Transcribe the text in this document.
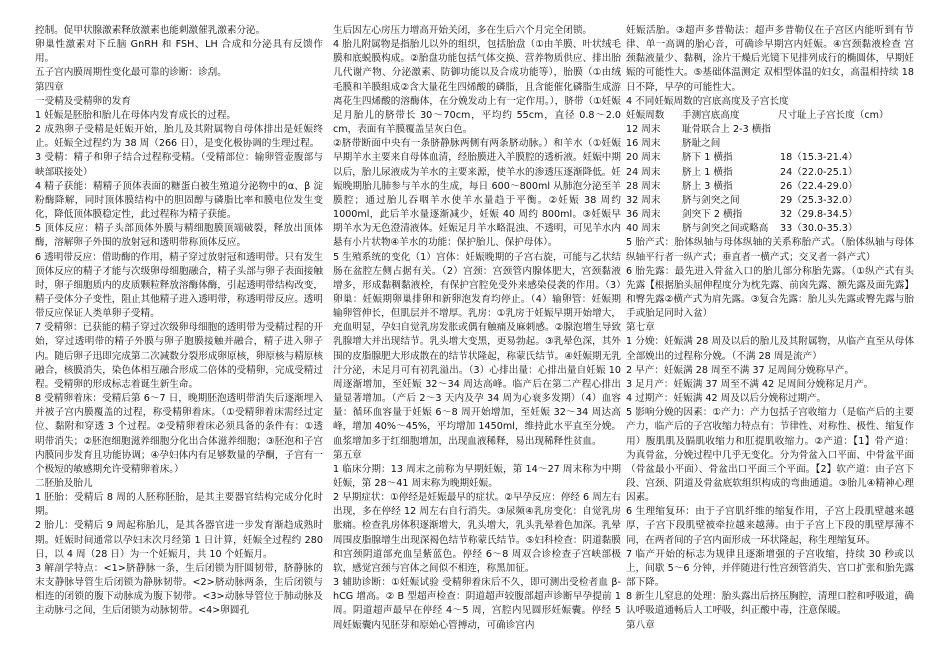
控制。促甲状腺激素释放激素也能刺激催乳激素分泌。

卵巢性激素对下丘脑 GnRH 和 FSH、LH 合成和分泌具有反馈作用。

五子宫内膜周期性变化最可靠的诊断：诊刮。

第四章

一受精及受精卵的发育

1 妊娠是胚胎和胎儿在母体内发育成长的过程。

2 成熟卵子受精是妊娠开始，胎儿及其附属物自母体排出是妊娠终止。妊娠全过程约为 38 周（266 日），是变化极协调的生理过程。

3 受精：精子和卵子结合过程称受精。（受精部位：输卵管壶腹部与峡部联接处）

4 精子获能：精精子顶体表面的糖蛋白被生殖道分泌物中的α、β 淀粉酶降解，同时顶体膜结构中的胆固醇与磷脂比率和膜电位发生变化，降低顶体膜稳定性，此过程称为精子获能。

5 顶体反应：精子头部顶体外膜与精细胞膜顶端破裂，释放出顶体酶，溶解卵子外围的放射冠和透明带称顶体反应。

6 透明带反应：借助酶的作用，精子穿过放射冠和透明带。只有发生顶体反应的精子才能与次级卵母细胞融合，精子头部与卵子表面接触时，卵子细胞质内的皮质颗粒释放溶酶体酶，引起透明带结构改变，精子受体分子变性，阻止其他精子进入透明带，称透明带反应。透明带反应保证人类单卵子受精。

7 受精卵：已获能的精子穿过次级卵母细胞的透明带为受精过程的开始，穿过透明带的精子外膜与卵子胞膜接触并融合，精子进入卵子内。随后卵子迅即完成第二次减数分裂形成卵原核，卵原核与精原核融合，核膜消失，染色体相互融合形成二倍体的受精卵，完成受精过程。受精卵的形成标志着诞生新生命。

8 受精卵着床：受精后第 6～7 日，晚期胚泡透明带消失后逐渐埋入并被子宫内膜覆盖的过程，称受精卵着床。（①受精卵着床需经过定位、黏附和穿透 3 个过程。②受精卵着床必须具备的条件有：①透明带消失；②胚泡细胞滋养细胞分化出合体滋养细胞；③胚泡和子宫内膜同步发育且功能协调；④孕妇体内有足够数量的孕酮，子宫有一个极短的敏感期允许受精卵着床。）

二胚胎及胎儿

1 胚胎：受精后 8 周的人胚称胚胎，是其主要器官结构完成分化时期。

2 胎儿：受精后 9 周起称胎儿，是其各器官进一步发育渐趋成熟时期。妊娠时间通常以孕妇末次月经第 1 日计算，妊娠全过程约 280 日，以 4 周（28 日）为一个妊娠月，共 10 个妊娠月。

3 解剖学特点：<1>脐静脉一条，生后闭锁为肝圆韧带，脐静脉的末支静脉导管生后闭锁为静脉韧带。<2>脐动脉两条，生后闭锁与相连的闭锁的腹下动脉成为腹下韧带。<3>动脉导管位于肺动脉及主动脉弓之间，生后闭锁为动脉韧带。<4>卵圆孔

生后因左心房压力增高开始关闭，多在生后六个月完全闭锁。

4 胎儿附属物是指胎儿以外的组织，包括胎盘（①由羊膜、叶状绒毛膜和底蜕膜构成。②胎盘功能包括气体交换、营养物质供应、排出胎儿代谢产物、分泌激素、防御功能以及合成功能等），胎膜（①由绒毛膜和羊膜组成②含大量花生四烯酸的磷脂，且含能催化磷脂生成游离花生四烯酸的溶酶体，在分娩发动上有一定作用。），脐带（①妊娠足月胎儿的脐带长 30～70cm，平均约 55cm，直径 0.8～2.0 cm，表面有羊膜覆盖呈灰白色。

②脐带断面中央有一条脐静脉两侧有两条脐动脉。）和羊水（①妊娠早期羊水主要来自母体血清，经胎膜进入羊膜腔的透析液。妊娠中期以后，胎儿尿液成为羊水的主要来源，使羊水的渗透压逐渐降低。妊娠晚期胎儿肺参与羊水的生成，每日 600～800ml 从肺泡分泌至羊膜腔；通过胎儿吞咽羊水使羊水量趋于平衡。②妊娠 38 周约 1000ml，此后羊水量逐渐减少，妊娠 40 周约 800ml。③妊娠早期羊水为无色澄清液体。妊娠足月羊水略混浊、不透明，可见羊水内悬有小片状物④羊水的功能：保护胎儿、保护母体）。

5 生殖系统的变化（1）宫体：妊娠晚期的子宫右旋，可能与乙状结肠在盆腔左侧占据有关。（2）宫颈：宫颈管内腺体肥大，宫颈黏液增多，形成黏稠黏液栓，有保护宫腔免受外来感染侵袭的作用。（3）卵巢：妊娠期卵巢排卵和新卵泡发育均停止。（4）输卵管：妊娠期输卵管伸长，但肌层并不增厚。乳房：①乳房于妊娠早期开始增大，充血明显，孕妇自觉乳房发胀或偶有触痛及麻刺感。②腺泡增生导致乳腺增大并出现结节。乳头增大变黑，更易勃起。③乳晕色深，其外围的皮脂腺肥大形成散在的结节状隆起，称蒙氏结节。④妊娠期无乳汁分泌，未足月可有初乳溢出。（3）心排出量：心排出量自妊娠 10 周逐渐增加，至妊娠 32～34 周达高峰。临产后在第二产程心排出量显著增加。（产后 2～3 天内及孕 34 周为心衰多发期）（4）血容量：循环血容量于妊娠 6～8 周开始增加，至妊娠 32～34 周达高峰，增加 40%～45%，平均增加 1450ml，维持此水平直至分娩。血浆增加多于红细胞增加，出现血液稀释，易出现稀释性贫血。

第五章

1 临床分期：13 周末之前称为早期妊娠，第 14～27 周末称为中期妊娠，第 28～41 周末称为晚期妊娠。

2 早期症状：①停经是妊娠最早的症状。②早孕反应：停经 6 周左右出现，多在停经 12 周左右自行消失。③尿频④乳房变化：自觉乳房胀痛。检查乳房体积逐渐增大，乳头增大，乳头乳晕着色加深。乳晕周围皮脂腺增生出现深褐色结节称蒙氏结节。⑤妇科检查：阴道黏膜和宫颈阴道部充血呈紫蓝色。停经 6～8 周双合诊检查子宫峡部极软，感觉宫颈与宫体之间似不相连，称黑加征。

3 辅助诊断：①妊娠试验 受精卵着床后不久，即可测出受检者血 β-hCG 增高。② B 型超声检查：阴道超声较腹部超声诊断早孕提前 1 周。阴道超声最早在停经 4～5 周，宫腔内见圆形妊娠囊。停经 5 周妊娠囊内见胚芽和原始心管搏动，可确诊宫内

妊娠活胎。③超声多普勒法：超声多普勒仪在子宫区内能听到有节律、单一高调的胎心音，可确诊早期宫内妊娠。④宫颈黏液检查 宫颈黏液量少、黏稠，涂片干燥后光镜下见排列成行的椭圆体，早期妊娠的可能性大。⑤基础体温测定 双相型体温的妇女，高温相持续 18 日不降，早孕的可能性大。

4 不同妊娠周数的宫底高度及子宫长度

妊娠周数	手测宫底高度	尺寸耻上子宫长度（cm）
12 周末	耻骨联合上 2-3 横指
16 周末	脐耻之间
20 周末	脐下 1 横指	18（15.3-21.4）
24 周末	脐上 1 横指	24（22.0-25.1）
28 周末	脐上 3 横指	26（22.4-29.0）
32 周末	脐与剑突之间	29（25.3-32.0）
36 周末	剑突下 2 横指	32（29.8-34.5）
40 周末	脐与剑突之间或略高	33（30.0-35.3）

5 胎产式：胎体纵轴与母体纵轴的关系称胎产式。（胎体纵轴与母体纵轴平行者一纵产式；垂直者一横产式；交叉者一斜产式）

6 胎先露：最先进入骨盆入口的胎儿部分称胎先露。（①纵产式有头先露【根据胎头屈伸程度分为枕先露、前囟先露、额先露及面先露】和臀先露②横产式为肩先露。③复合先露：胎儿头先露或臀先露与胎手或胎足同时入盆）

第七章

1 分娩：妊娠满 28 周及以后的胎儿及其附属物，从临产直至从母体全部娩出的过程称分娩。（不满 28 周是流产）

2 早产：妊娠满 28 周至不满 37 足周间分娩称早产。

3 足月产：妊娠满 37 周至不满 42 足周间分娩称足月产。

4 过期产：妊娠满 42 周及以后分娩称过期产。

5 影响分娩的因素：①产力：产力包括子宫收缩力（是临产后的主要产力，临产后的子宫收缩力特点有：节律性、对称性、极性、缩复作用）腹肌肌及膈肌收缩力和肛提肌收缩力。②产道：【1】骨产道：为真骨盆，分娩过程中几乎无变化。分为骨盆入口平面、中骨盆平面（骨盆最小平面）、骨盆出口平面三个平面。【2】软产道：由子宫下段、宫颈、阴道及骨盆底软组织构成的弯曲通道。③胎儿④精神心理因素。

6 生理缩复环：由于子宫肌纤维的缩复作用，子宫上段肌壁越来越厚，子宫下段肌壁被牵拉越来越薄。由于子宫上下段的肌壁厚薄不同，在两者间的子宫内面形成一环状隆起，称生理缩复环。

7 临产开始的标志为规律且逐渐增强的子宫收缩，持续 30 秒或以上，间歇 5～6 分钟，并伴随进行性宫颈管消失、宫口扩张和胎先露部下降。

8 新生儿窒息的处理：胎头露出后挤压胸腔，清理口腔和呼吸道，确认呼吸道通畅后人工呼吸，纠正酸中毒，注意保暖。

第八章
